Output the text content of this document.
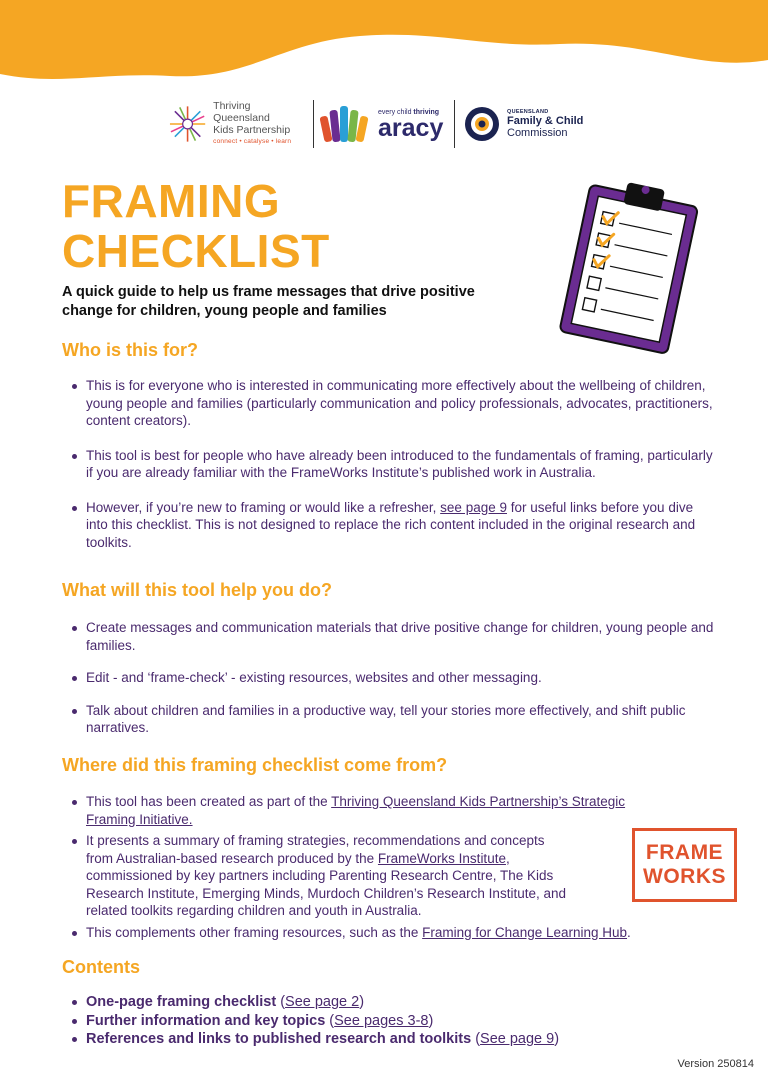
Thriving Queensland
Kids Partnership
connect • catalyse • learn
every child thriving
aracy
QUEENSLAND
Family & Child
Commission
FRAMING
CHECKLIST
A quick guide to help us frame messages that drive positive change for children, young people and families
Who is this for?
This is for everyone who is interested in communicating more effectively about the wellbeing of children, young people and families (particularly communication and policy professionals, advocates, practitioners, content creators).
This tool is best for people who have already been introduced to the fundamentals of framing, particularly if you are already familiar with the FrameWorks Institute’s published work in Australia.
However, if you’re new to framing or would like a refresher, see page 9 for useful links before you dive into this checklist. This is not designed to replace the rich content included in the original research and toolkits.
What will this tool help you do?
Create messages and communication materials that drive positive change for children, young people and families.
Edit - and ‘frame-check’ - existing resources, websites and other messaging.
Talk about children and families in a productive way, tell your stories more effectively, and shift public narratives.
Where did this framing checklist come from?
This tool has been created as part of the Thriving Queensland Kids Partnership’s Strategic
Framing Initiative.
It presents a summary of framing strategies, recommendations and concepts
from Australian-based research produced by the FrameWorks Institute,
commissioned by key partners including Parenting Research Centre, The Kids
Research Institute, Emerging Minds, Murdoch Children’s Research Institute, and
related toolkits regarding children and youth in Australia.
This complements other framing resources, such as the Framing for Change Learning Hub.
FRAME
WORKS
Contents
One-page framing checklist (See page 2)
Further information and key topics (See pages 3-8)
References and links to published research and toolkits (See page 9)
Version 250814
